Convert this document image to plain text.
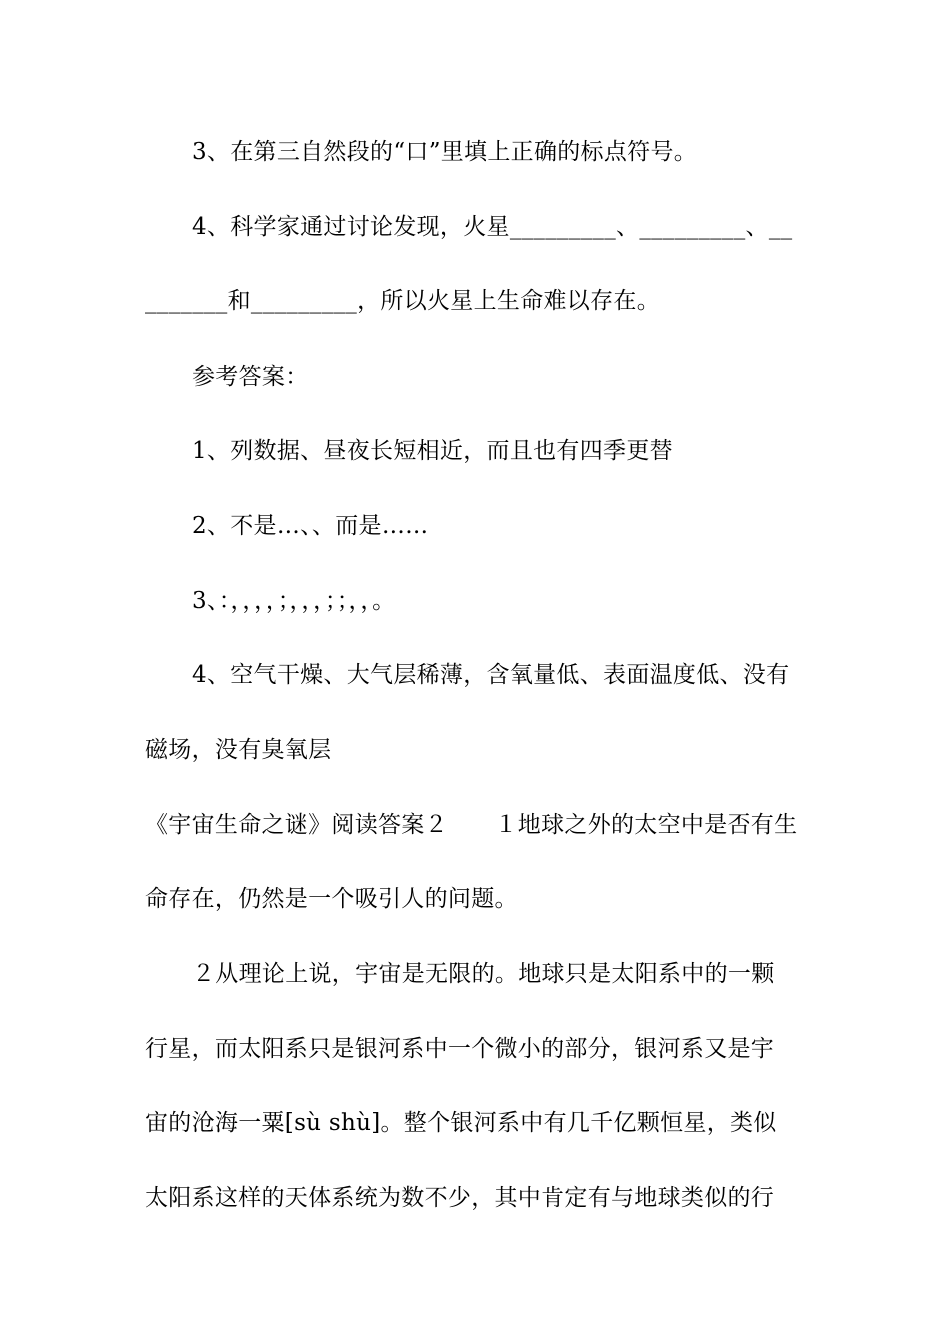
3、在第三自然段的“口”里填上正确的标点符号。
4、科学家通过讨论发现，火星_________、_________、__
_______和_________，所以火星上生命难以存在。
参考答案：
1、列数据、昼夜长短相近，而且也有四季更替
2、不是…、、而是……
3、：，，，，；，，，；；，，。
4、空气干燥、大气层稀薄，含氧量低、表面温度低、没有
磁场，没有臭氧层
《宇宙生命之谜》阅读答案２　　１地球之外的太空中是否有生
命存在，仍然是一个吸引人的问题。
２从理论上说，宇宙是无限的。地球只是太阳系中的一颗
行星，而太阳系只是银河系中一个微小的部分，银河系又是宇
宙的沧海一粟[sù shù]。整个银河系中有几千亿颗恒星，类似
太阳系这样的天体系统为数不少，其中肯定有与地球类似的行
